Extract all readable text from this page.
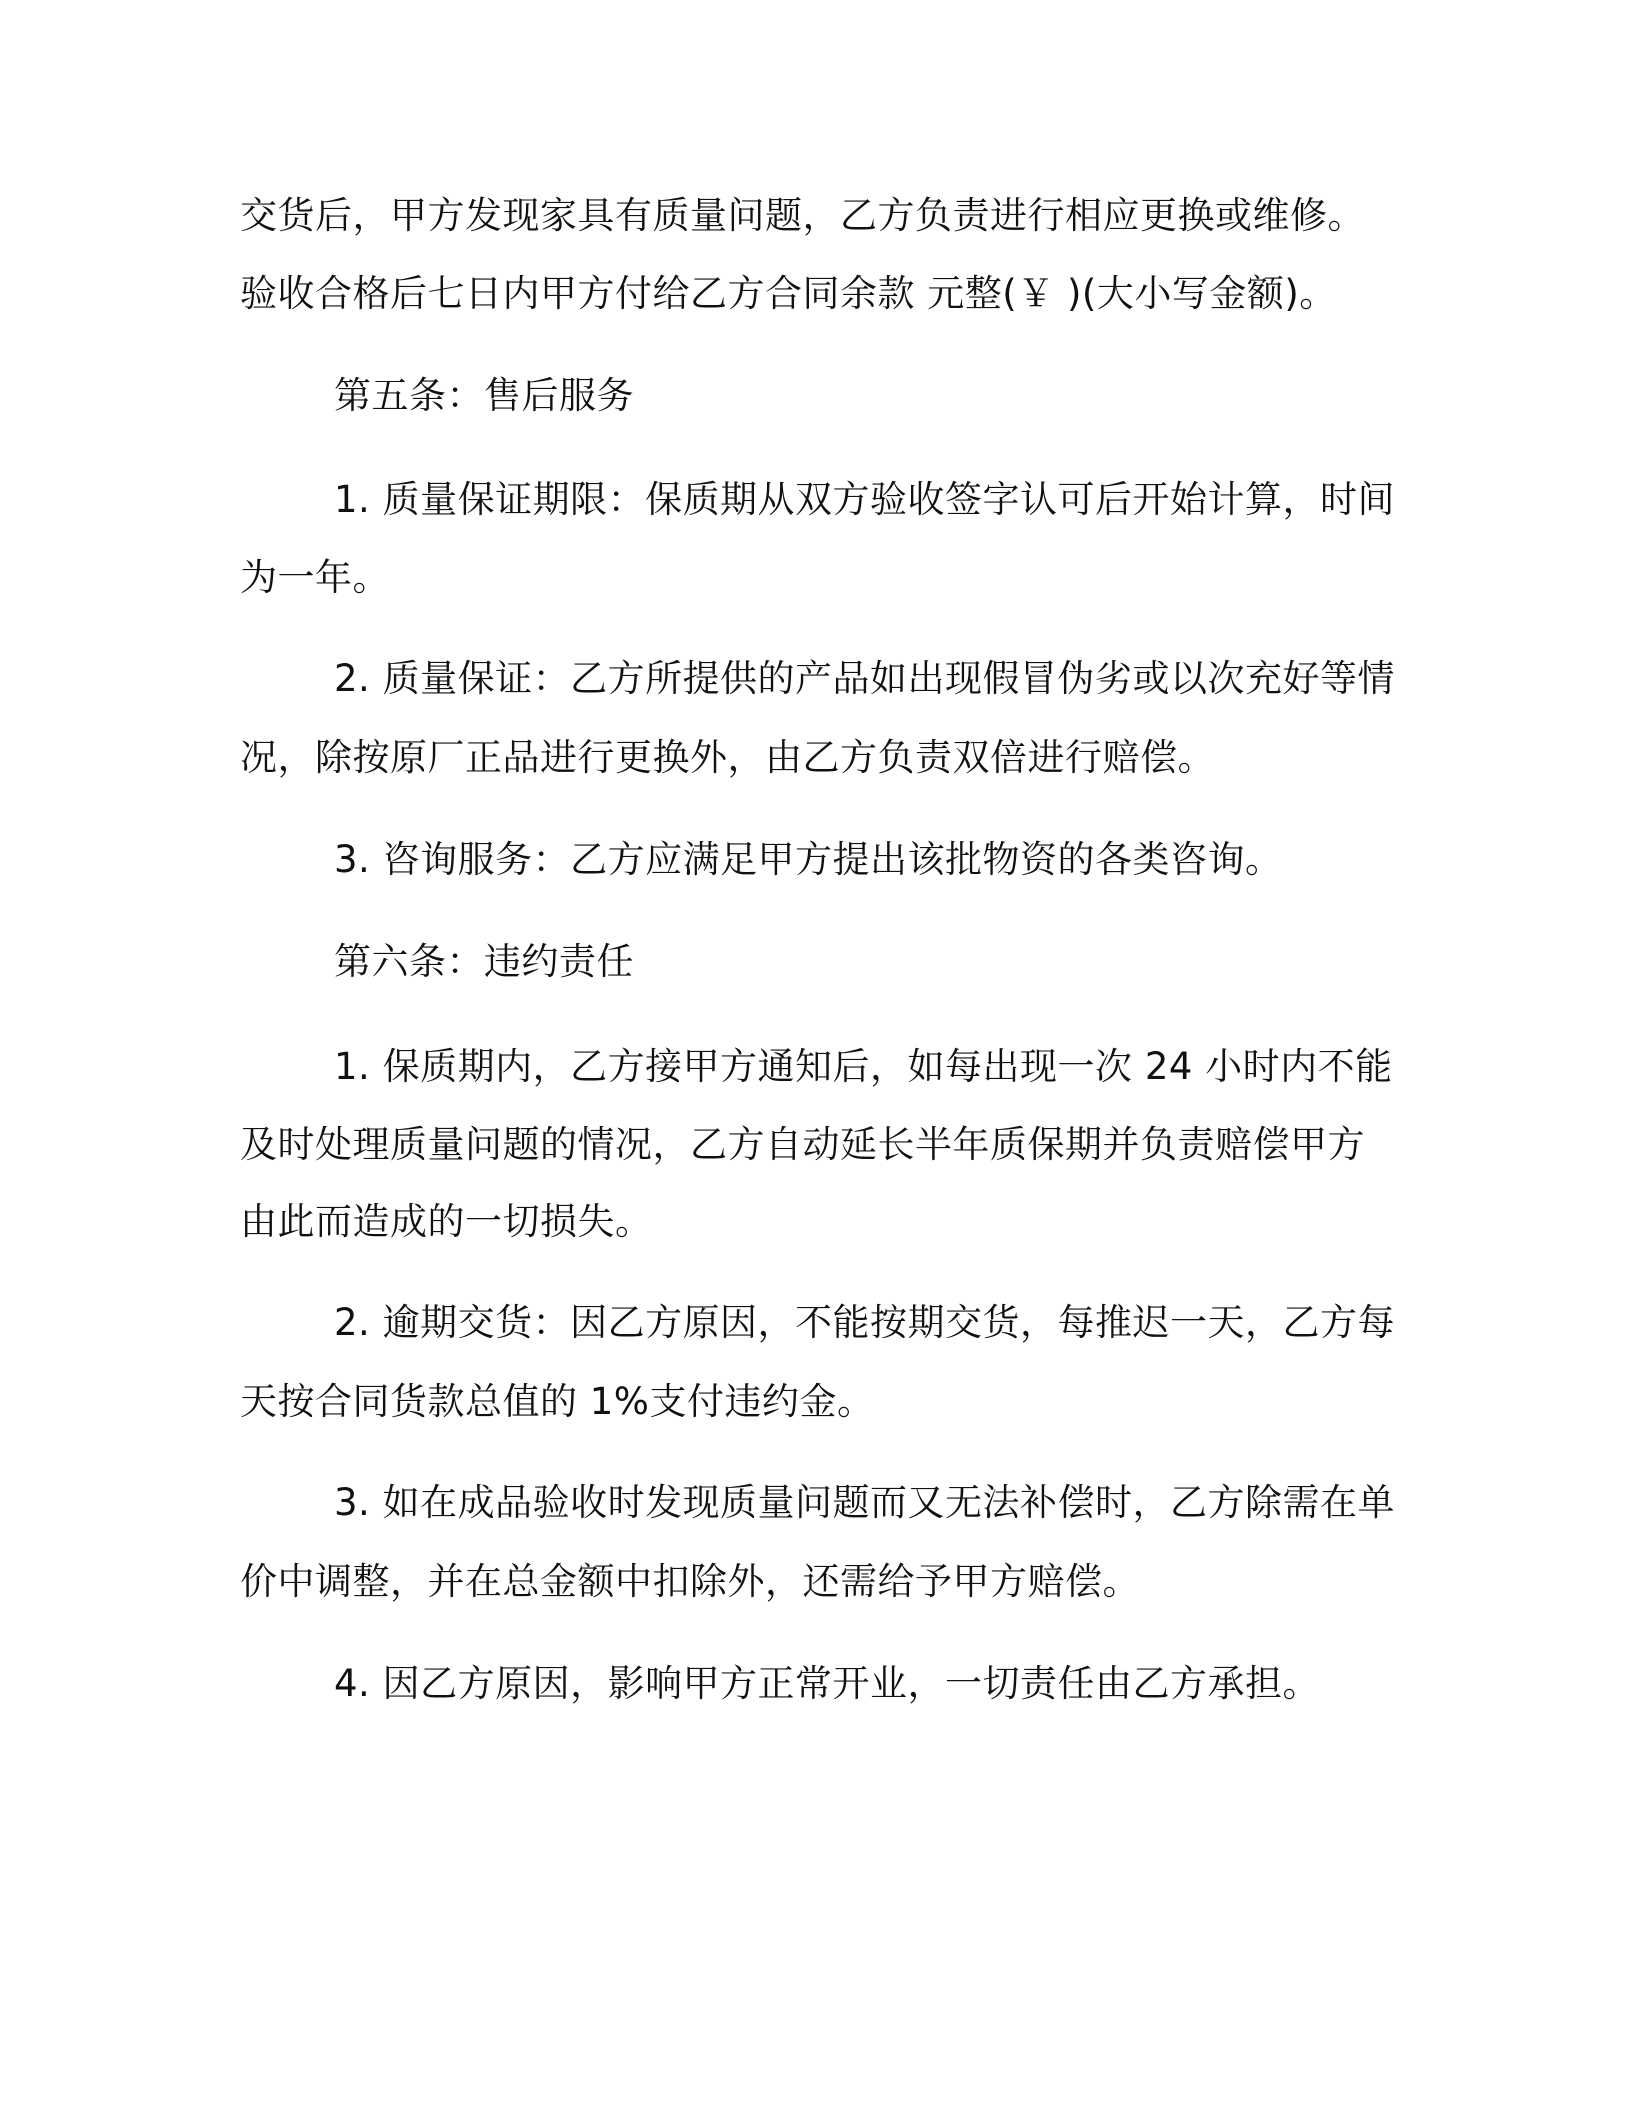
交货后，甲方发现家具有质量问题，乙方负责进行相应更换或维修。
验收合格后七日内甲方付给乙方合同余款 元整(￥ )(大小写金额)。
第五条：售后服务
1. 质量保证期限：保质期从双方验收签字认可后开始计算，时间
为一年。
2. 质量保证：乙方所提供的产品如出现假冒伪劣或以次充好等情
况，除按原厂正品进行更换外，由乙方负责双倍进行赔偿。
3. 咨询服务：乙方应满足甲方提出该批物资的各类咨询。
第六条：违约责任
1. 保质期内，乙方接甲方通知后，如每出现一次 24 小时内不能
及时处理质量问题的情况，乙方自动延长半年质保期并负责赔偿甲方
由此而造成的一切损失。
2. 逾期交货：因乙方原因，不能按期交货，每推迟一天，乙方每
天按合同货款总值的 1%支付违约金。
3. 如在成品验收时发现质量问题而又无法补偿时，乙方除需在单
价中调整，并在总金额中扣除外，还需给予甲方赔偿。
4. 因乙方原因，影响甲方正常开业，一切责任由乙方承担。
